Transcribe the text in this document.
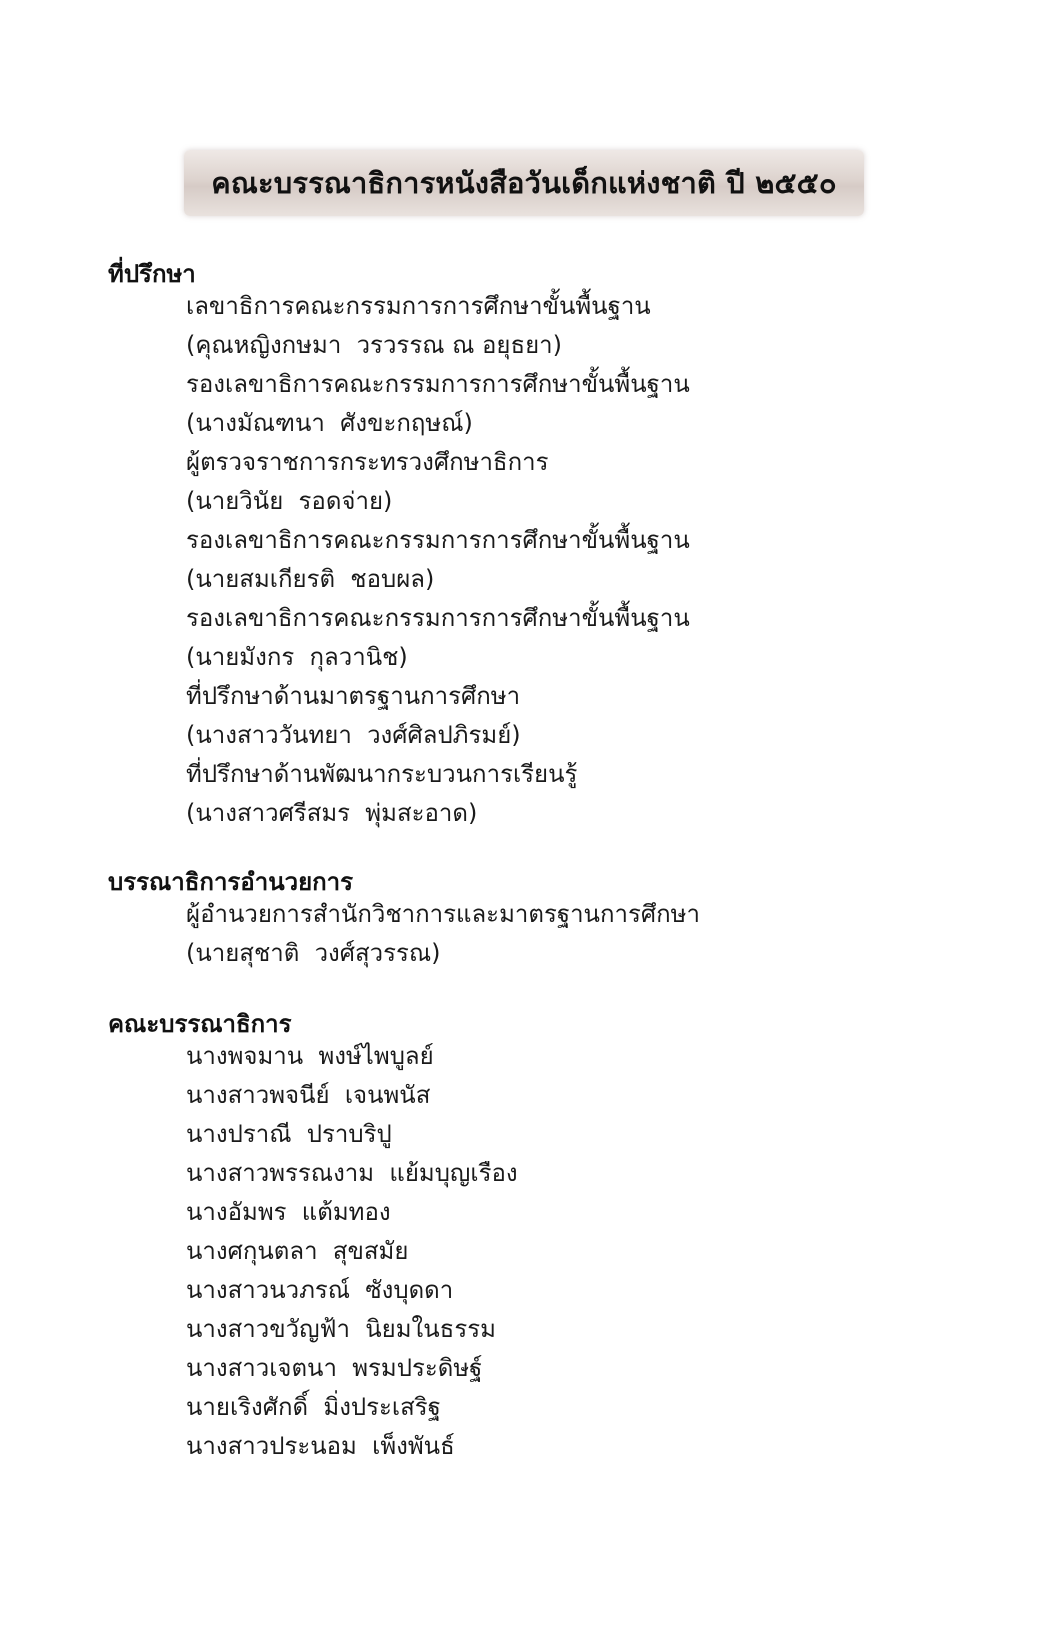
คณะบรรณาธิการหนังสือวันเด็กแห่งชาติ ปี ๒๕๕๐
ที่ปรึกษา
เลขาธิการคณะกรรมการการศึกษาขั้นพื้นฐาน
(คุณหญิงกษมา  วรวรรณ ณ อยุธยา)
รองเลขาธิการคณะกรรมการการศึกษาขั้นพื้นฐาน
(นางมัณฑนา  ศังขะกฤษณ์)
ผู้ตรวจราชการกระทรวงศึกษาธิการ
(นายวินัย  รอดจ่าย)
รองเลขาธิการคณะกรรมการการศึกษาขั้นพื้นฐาน
(นายสมเกียรติ  ชอบผล)
รองเลขาธิการคณะกรรมการการศึกษาขั้นพื้นฐาน
(นายมังกร  กุลวานิช)
ที่ปรึกษาด้านมาตรฐานการศึกษา
(นางสาววันทยา  วงศ์ศิลปภิรมย์)
ที่ปรึกษาด้านพัฒนากระบวนการเรียนรู้
(นางสาวศรีสมร  พุ่มสะอาด)
บรรณาธิการอำนวยการ
ผู้อำนวยการสำนักวิชาการและมาตรฐานการศึกษา
(นายสุชาติ  วงศ์สุวรรณ)
คณะบรรณาธิการ
นางพจมาน  พงษ์ไพบูลย์
นางสาวพจนีย์  เจนพนัส
นางปราณี  ปราบริปู
นางสาวพรรณงาม  แย้มบุญเรือง
นางอัมพร  แต้มทอง
นางศกุนตลา  สุขสมัย
นางสาวนวภรณ์  ซังบุดดา
นางสาวขวัญฟ้า  นิยมในธรรม
นางสาวเจตนา  พรมประดิษฐ์
นายเริงศักดิ์  มิ่งประเสริฐ
นางสาวประนอม  เพ็งพันธ์
